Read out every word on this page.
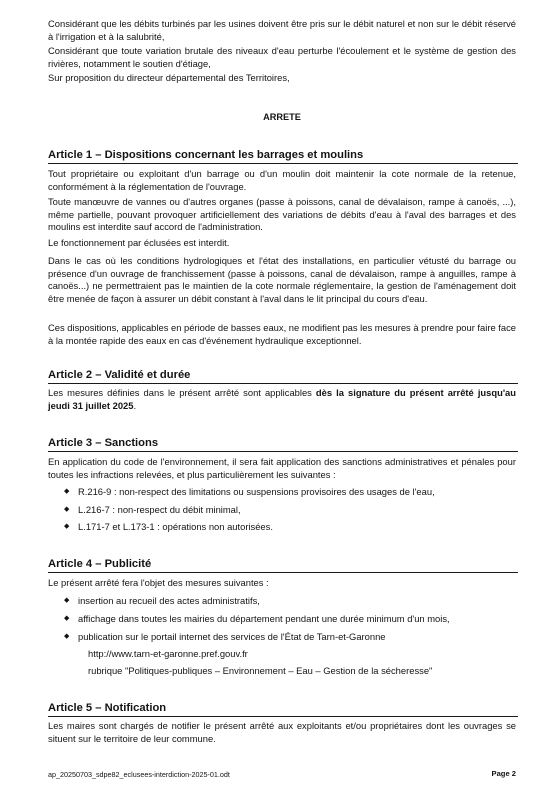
Considérant que les débits turbinés par les usines doivent être pris sur le débit naturel et non sur le débit réservé à l'irrigation et à la salubrité,

Considérant que toute variation brutale des niveaux d'eau perturbe l'écoulement et le système de gestion des rivières, notamment le soutien d'étiage,

Sur proposition du directeur départemental des Territoires,

ARRETE
Article 1 – Dispositions concernant les barrages et moulins

Tout propriétaire ou exploitant d'un barrage ou d'un moulin doit maintenir la cote normale de la retenue, conformément à la réglementation de l'ouvrage.

Toute manœuvre de vannes ou d'autres organes (passe à poissons, canal de dévalaison, rampe à canoës, ...), même partielle, pouvant provoquer artificiellement des variations de débits d'eau à l'aval des barrages et des moulins est interdite sauf accord de l'administration.

Le fonctionnement par éclusées est interdit.

Dans le cas où les conditions hydrologiques et l'état des installations, en particulier vétusté du barrage ou présence d'un ouvrage de franchissement (passe à poissons, canal de dévalaison, rampe à anguilles, rampe à canoës...) ne permettraient pas le maintien de la cote normale réglementaire, la gestion de l'aménagement doit être menée de façon à assurer un débit constant à l'aval dans le lit principal du cours d'eau.

Ces dispositions, applicables en période de basses eaux, ne modifient pas les mesures à prendre pour faire face à la montée rapide des eaux en cas d'événement hydraulique exceptionnel.

Article 2 – Validité et durée

Les mesures définies dans le présent arrêté sont applicables dès la signature du présent arrêté jusqu'au jeudi 31 juillet 2025.

Article 3 – Sanctions

En application du code de l'environnement, il sera fait application des sanctions administratives et pénales pour toutes les infractions relevées, et plus particulièrement les suivantes :

◆ R.216-9 : non-respect des limitations ou suspensions provisoires des usages de l'eau,
◆ L.216-7 : non-respect du débit minimal,
◆ L.171-7 et L.173-1 : opérations non autorisées.
Article 4 – Publicité

Le présent arrêté fera l'objet des mesures suivantes :

◆ insertion au recueil des actes administratifs,
◆ affichage dans toutes les mairies du département pendant une durée minimum d'un mois,
◆ publication sur le portail internet des services de l'État de Tarn-et-Garonne
http://www.tarn-et-garonne.pref.gouv.fr
rubrique "Politiques-publiques – Environnement – Eau – Gestion de la sécheresse"
Article 5 – Notification

Les maires sont chargés de notifier le présent arrêté aux exploitants et/ou propriétaires dont les ouvrages se situent sur le territoire de leur commune.

ap_20250703_sdpe82_eclusees-interdiction-2025-01.odt	Page 2
